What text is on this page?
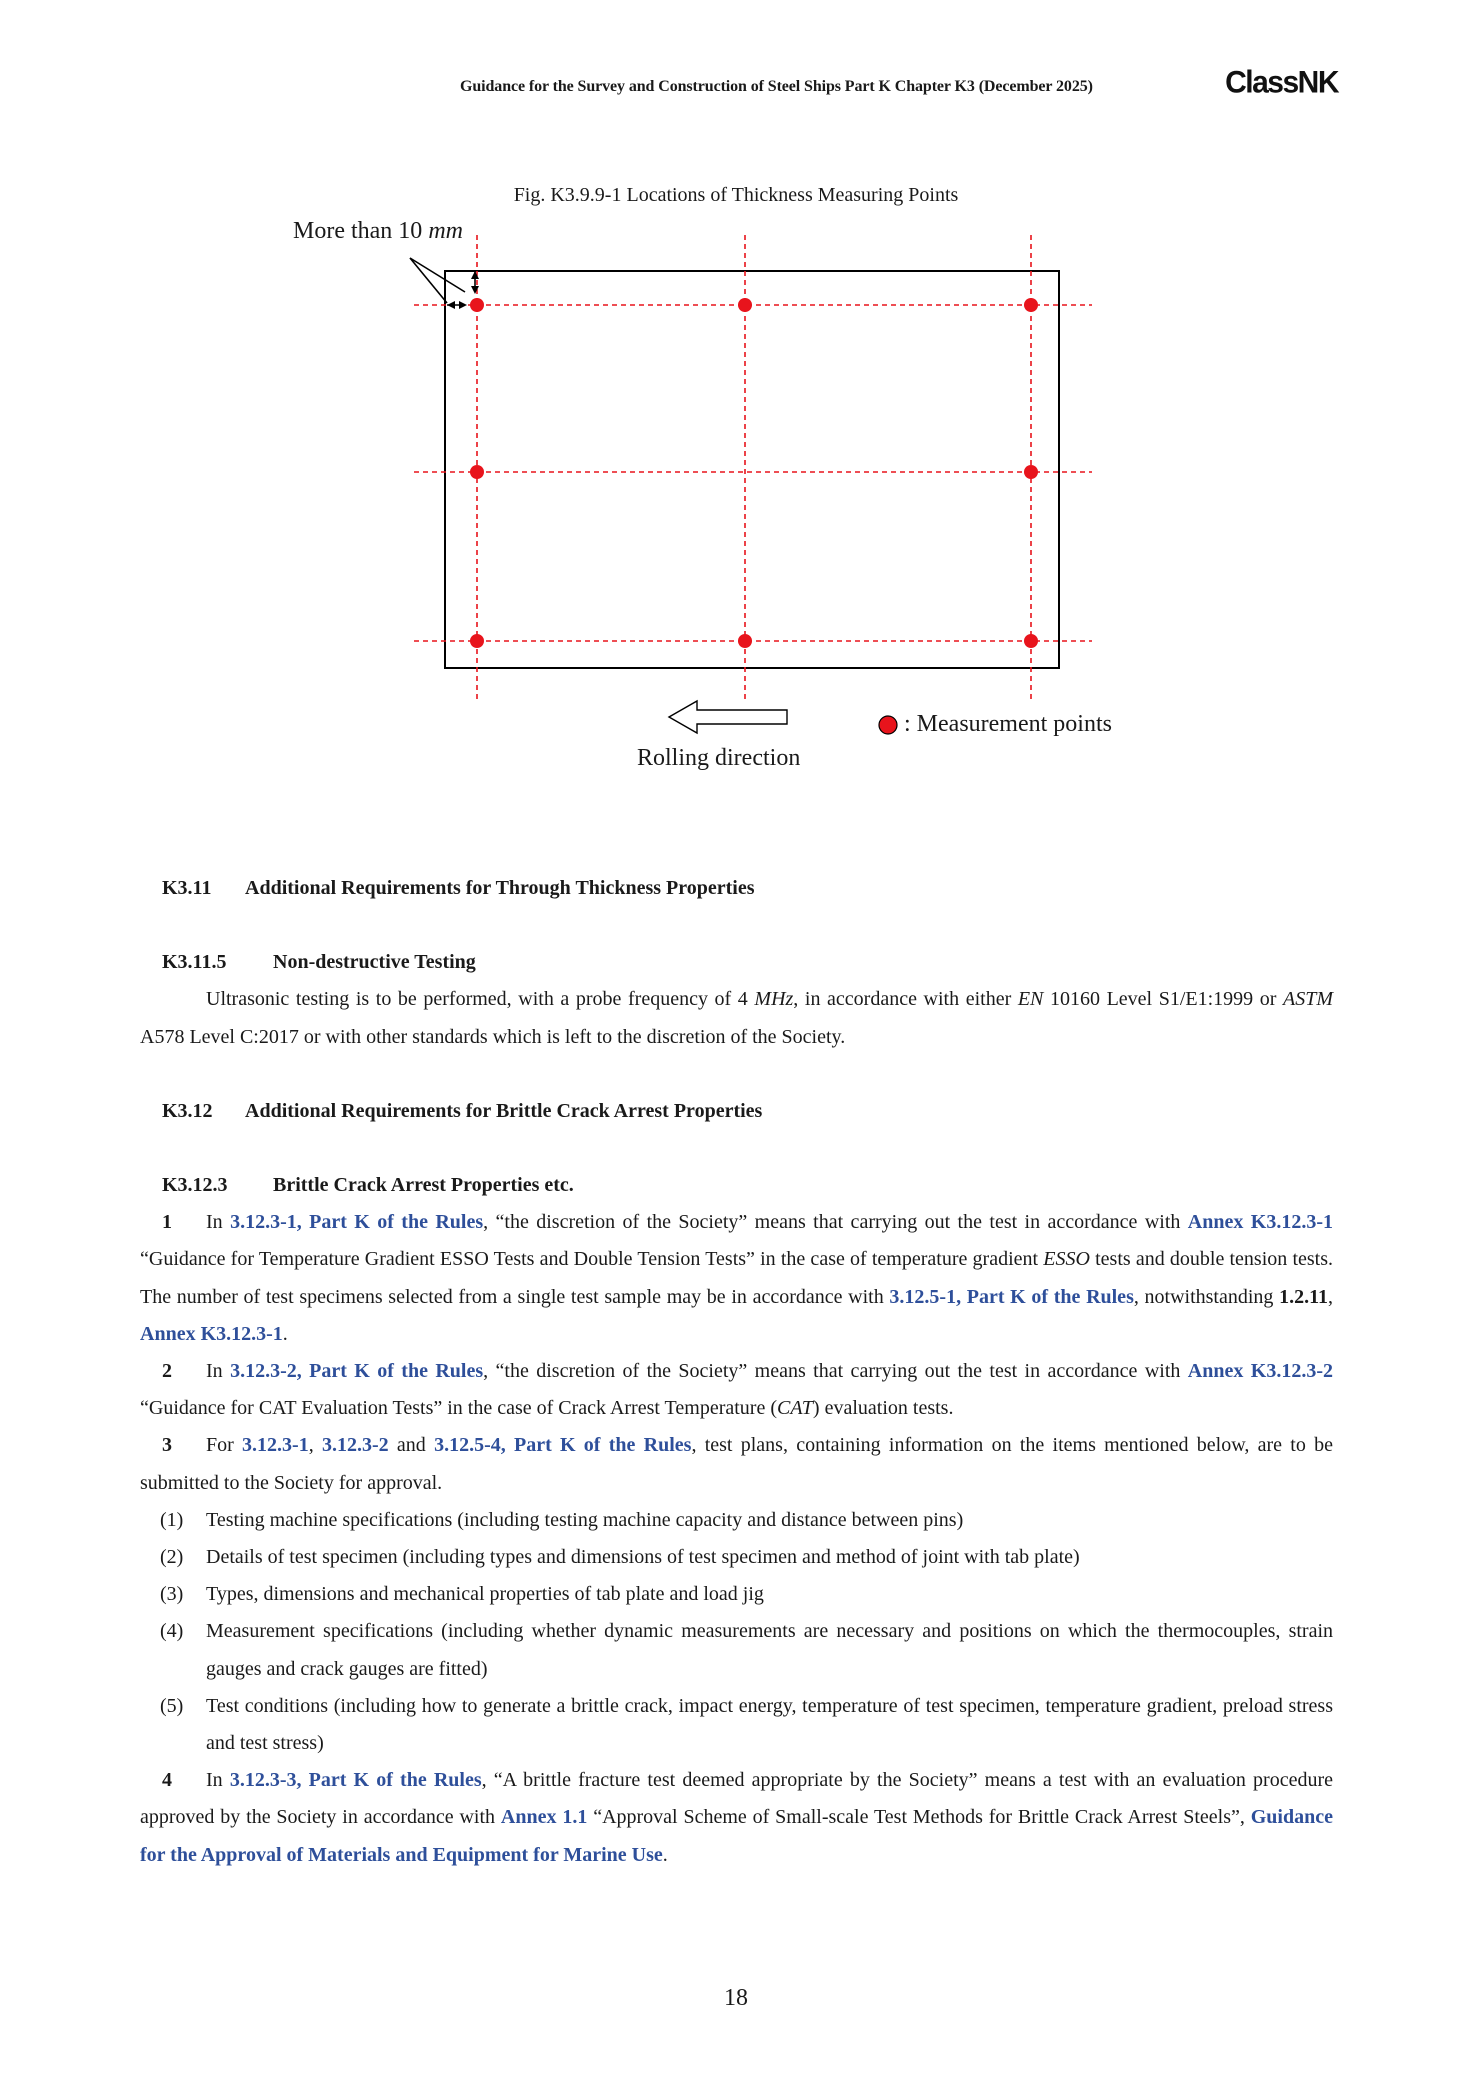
Guidance for the Survey and Construction of Steel Ships Part K Chapter K3 (December 2025)	ClassNK
Fig. K3.9.9-1 Locations of Thickness Measuring Points
More than 10 mm
: Measurement points
Rolling direction

K3.11 Additional Requirements for Through Thickness Properties

K3.11.5 Non-destructive Testing

Ultrasonic testing is to be performed, with a probe frequency of 4 MHz, in accordance with either EN 10160 Level S1/E1:1999 or ASTM A578 Level C:2017 or with other standards which is left to the discretion of the Society.

K3.12 Additional Requirements for Brittle Crack Arrest Properties

K3.12.3 Brittle Crack Arrest Properties etc.

1 In 3.12.3-1, Part K of the Rules, “the discretion of the Society” means that carrying out the test in accordance with Annex K3.12.3-1 “Guidance for Temperature Gradient ESSO Tests and Double Tension Tests” in the case of temperature gradient ESSO tests and double tension tests. The number of test specimens selected from a single test sample may be in accordance with 3.12.5-1, Part K of the Rules, notwithstanding 1.2.11, Annex K3.12.3-1.

2 In 3.12.3-2, Part K of the Rules, “the discretion of the Society” means that carrying out the test in accordance with Annex K3.12.3-2 “Guidance for CAT Evaluation Tests” in the case of Crack Arrest Temperature (CAT) evaluation tests.

3 For 3.12.3-1, 3.12.3-2 and 3.12.5-4, Part K of the Rules, test plans, containing information on the items mentioned below, are to be submitted to the Society for approval.

(1) Testing machine specifications (including testing machine capacity and distance between pins)
(2) Details of test specimen (including types and dimensions of test specimen and method of joint with tab plate)
(3) Types, dimensions and mechanical properties of tab plate and load jig
(4) Measurement specifications (including whether dynamic measurements are necessary and positions on which the thermocouples, strain gauges and crack gauges are fitted)
(5) Test conditions (including how to generate a brittle crack, impact energy, temperature of test specimen, temperature gradient, preload stress and test stress)

4 In 3.12.3-3, Part K of the Rules, “A brittle fracture test deemed appropriate by the Society” means a test with an evaluation procedure approved by the Society in accordance with Annex 1.1 “Approval Scheme of Small-scale Test Methods for Brittle Crack Arrest Steels”, Guidance for the Approval of Materials and Equipment for Marine Use.

18
